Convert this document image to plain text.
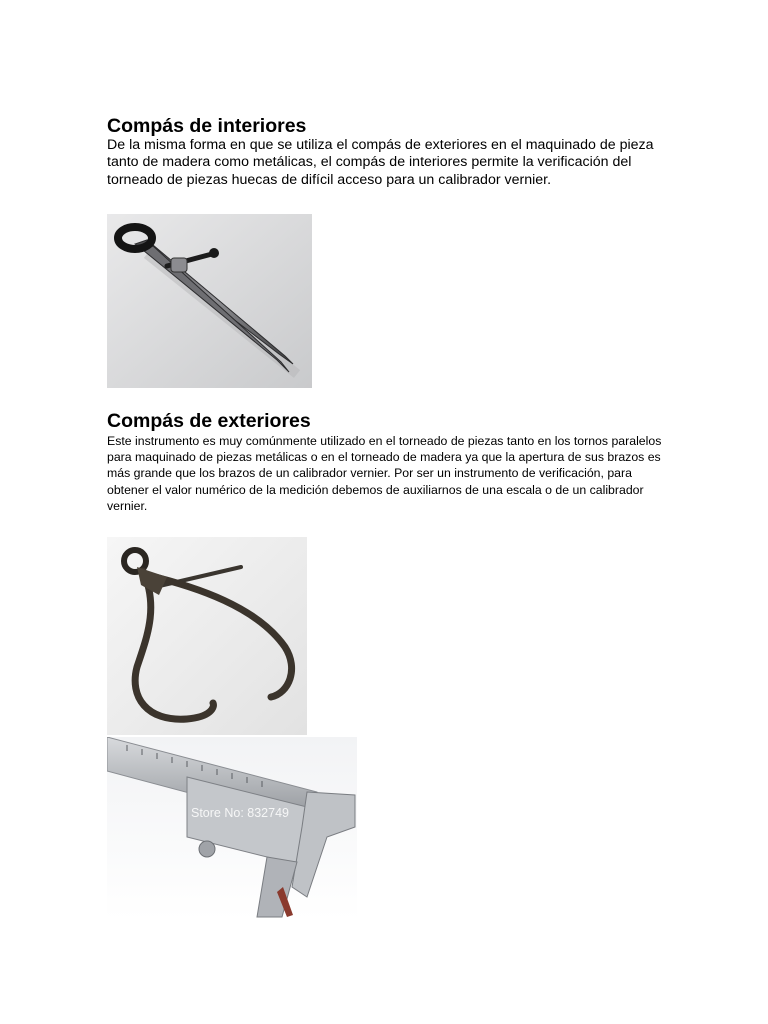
Compás de interiores

De la misma forma en que se utiliza el compás de exteriores en el maquinado de pieza tanto de madera como metálicas, el compás de interiores permite la verificación del torneado de piezas huecas de difícil acceso para un calibrador vernier.

Compás de exteriores

Este instrumento es muy comúnmente utilizado en el torneado de piezas tanto en los tornos paralelos para maquinado de piezas metálicas o en el torneado de madera ya que la apertura de sus brazos es más grande que los brazos de un calibrador vernier. Por ser un instrumento de verificación, para obtener el valor numérico de la medición debemos de auxiliarnos de una escala o de un calibrador vernier.

Store No: 832749
